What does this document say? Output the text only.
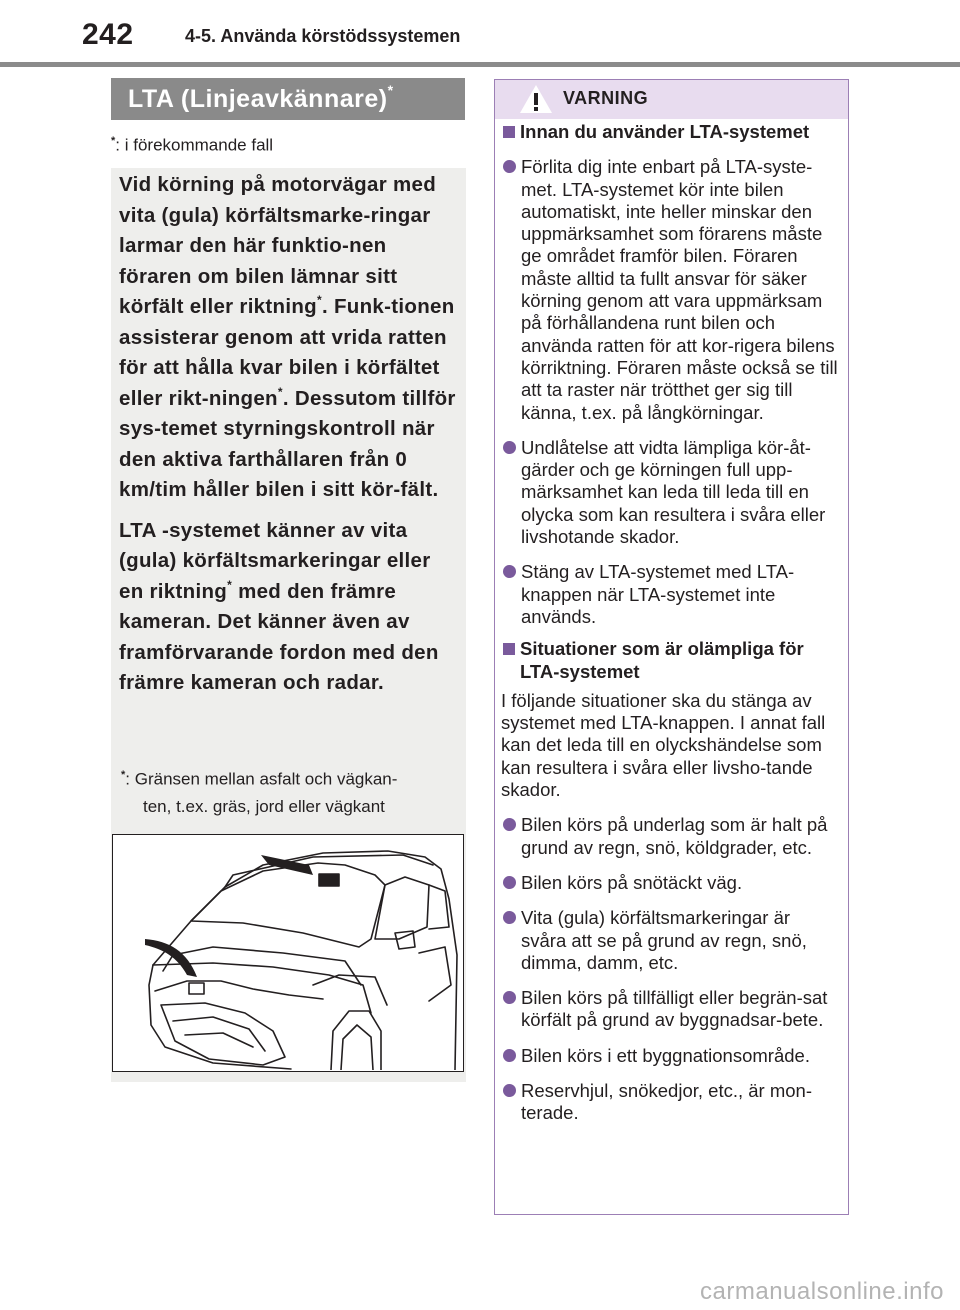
242	4-5. Använda körstödssystemen
LTA (Linjeavkännare)*
*: i förekommande fall

Vid körning på motorvägar med vita (gula) körfältsmarke-ringar larmar den här funktio-nen föraren om bilen lämnar sitt körfält eller riktning*. Funk-tionen assisterar genom att vrida ratten för att hålla kvar bilen i körfältet eller rikt-ningen*. Dessutom tillför sys-temet styrningskontroll när den aktiva farthållaren från 0 km/tim håller bilen i sitt kör-fält.

LTA -systemet känner av vita (gula) körfältsmarkeringar eller en riktning* med den främre kameran. Det känner även av framförvarande fordon med den främre kameran och radar.

*: Gränsen mellan asfalt och vägkan-
ten, t.ex. gräs, jord eller vägkant
VARNING
Innan du använder LTA-systemet
Förlita dig inte enbart på LTA-syste-met. LTA-systemet kör inte bilen automatiskt, inte heller minskar den uppmärksamhet som förarens måste ge området framför bilen. Föraren måste alltid ta fullt ansvar för säker körning genom att vara uppmärksam på förhållandena runt bilen och använda ratten för att kor-rigera bilens körriktning. Föraren måste också se till att ta raster när trötthet ger sig till känna, t.ex. på långkörningar.
Undlåtelse att vidta lämpliga kör-åt-gärder och ge körningen full upp-märksamhet kan leda till leda till en olycka som kan resultera i svåra eller livshotande skador.
Stäng av LTA-systemet med LTA-knappen när LTA-systemet inte används.
Situationer som är olämpliga för LTA-systemet
I följande situationer ska du stänga av systemet med LTA-knappen. I annat fall kan det leda till en olyckshändelse som kan resultera i svåra eller livsho-tande skador.
Bilen körs på underlag som är halt på grund av regn, snö, köldgrader, etc.
Bilen körs på snötäckt väg.
Vita (gula) körfältsmarkeringar är svåra att se på grund av regn, snö, dimma, damm, etc.
Bilen körs på tillfälligt eller begrän-sat körfält på grund av byggnadsar-bete.
Bilen körs i ett byggnationsområde.
Reservhjul, snökedjor, etc., är mon-terade.
carmanualsonline.info
